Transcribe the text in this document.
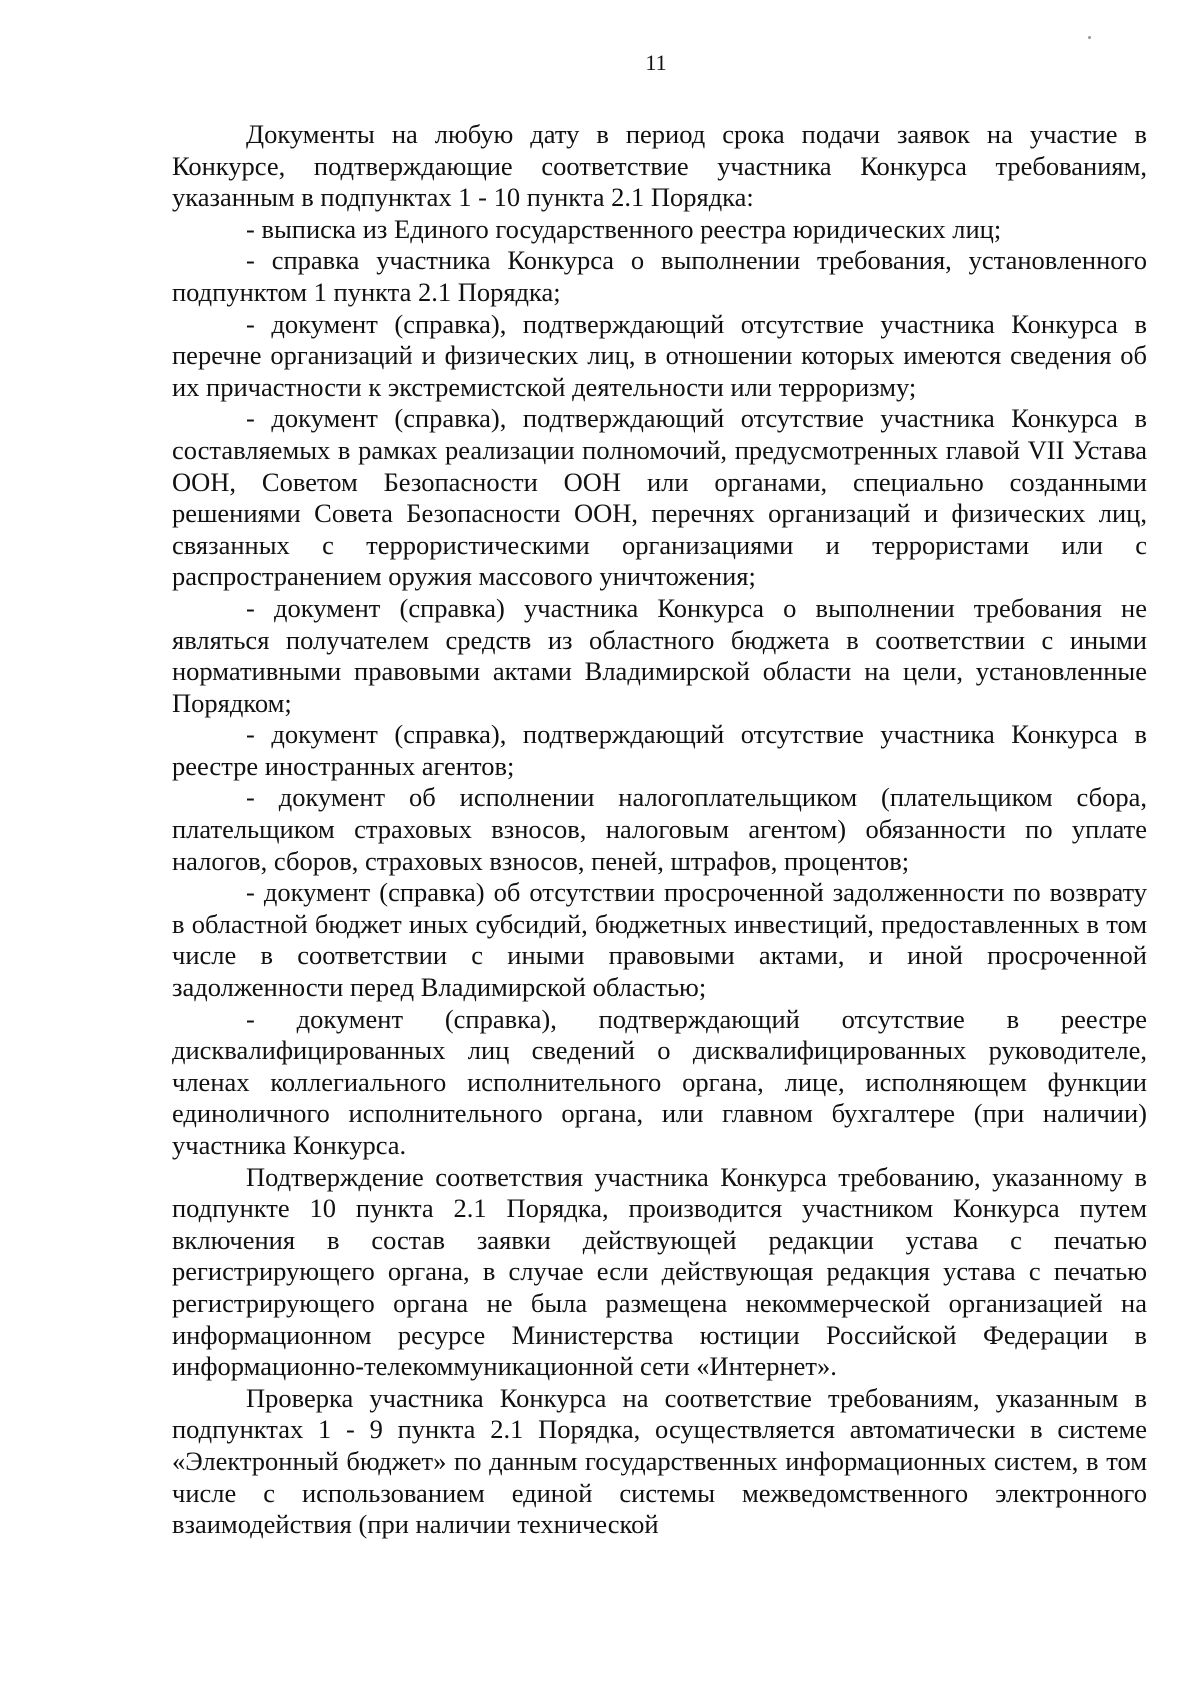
11

Документы на любую дату в период срока подачи заявок на участие в Конкурсе, подтверждающие соответствие участника Конкурса требованиям, указанным в подпунктах 1 - 10 пункта 2.1 Порядка:

- выписка из Единого государственного реестра юридических лиц;

- справка участника Конкурса о выполнении требования, установленного подпунктом 1 пункта 2.1 Порядка;

- документ (справка), подтверждающий отсутствие участника Конкурса в перечне организаций и физических лиц, в отношении которых имеются сведения об их причастности к экстремистской деятельности или терроризму;

- документ (справка), подтверждающий отсутствие участника Конкурса в составляемых в рамках реализации полномочий, предусмотренных главой VII Устава ООН, Советом Безопасности ООН или органами, специально созданными решениями Совета Безопасности ООН, перечнях организаций и физических лиц, связанных с террористическими организациями и террористами или с распространением оружия массового уничтожения;

- документ (справка) участника Конкурса о выполнении требования не являться получателем средств из областного бюджета в соответствии с иными нормативными правовыми актами Владимирской области на цели, установленные Порядком;

- документ (справка), подтверждающий отсутствие участника Конкурса в реестре иностранных агентов;

- документ об исполнении налогоплательщиком (плательщиком сбора, плательщиком страховых взносов, налоговым агентом) обязанности по уплате налогов, сборов, страховых взносов, пеней, штрафов, процентов;

- документ (справка) об отсутствии просроченной задолженности по возврату в областной бюджет иных субсидий, бюджетных инвестиций, предоставленных в том числе в соответствии с иными правовыми актами, и иной просроченной задолженности перед Владимирской областью;

- документ (справка), подтверждающий отсутствие в реестре дисквалифицированных лиц сведений о дисквалифицированных руководителе, членах коллегиального исполнительного органа, лице, исполняющем функции единоличного исполнительного органа, или главном бухгалтере (при наличии) участника Конкурса.

Подтверждение соответствия участника Конкурса требованию, указанному в подпункте 10 пункта 2.1 Порядка, производится участником Конкурса путем включения в состав заявки действующей редакции устава с печатью регистрирующего органа, в случае если действующая редакция устава с печатью регистрирующего органа не была размещена некоммерческой организацией на информационном ресурсе Министерства юстиции Российской Федерации в информационно-телекоммуникационной сети «Интернет».

Проверка участника Конкурса на соответствие требованиям, указанным в подпунктах 1 - 9 пункта 2.1 Порядка, осуществляется автоматически в системе «Электронный бюджет» по данным государственных информационных систем, в том числе с использованием единой системы межведомственного электронного взаимодействия (при наличии технической
